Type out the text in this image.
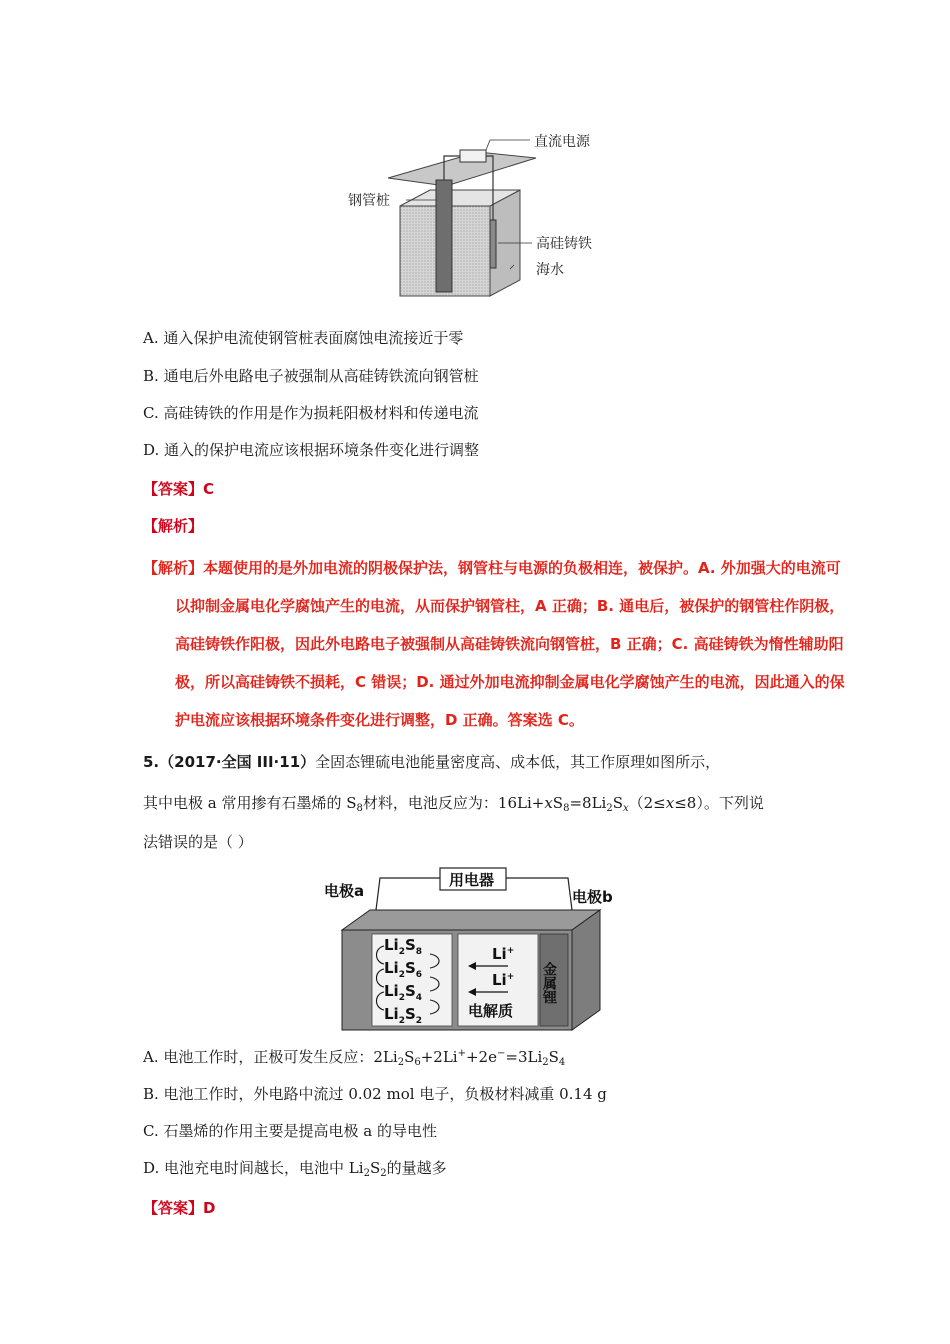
直流电源
钢管桩
高硅铸铁
海水
A. 通入保护电流使钢管桩表面腐蚀电流接近于零
B. 通电后外电路电子被强制从高硅铸铁流向钢管桩
C. 高硅铸铁的作用是作为损耗阳极材料和传递电流
D. 通入的保护电流应该根据环境条件变化进行调整
【答案】C
【解析】
【解析】本题使用的是外加电流的阴极保护法，钢管柱与电源的负极相连，被保护。A. 外加强大的电流可
以抑制金属电化学腐蚀产生的电流，从而保护钢管柱，A 正确；B. 通电后，被保护的钢管柱作阴极，
高硅铸铁作阳极，因此外电路电子被强制从高硅铸铁流向钢管桩，B 正确；C. 高硅铸铁为惰性辅助阳
极，所以高硅铸铁不损耗，C 错误；D. 通过外加电流抑制金属电化学腐蚀产生的电流，因此通入的保
护电流应该根据环境条件变化进行调整，D 正确。答案选 C。
5.（2017·全国 III·11）全固态锂硫电池能量密度高、成本低，其工作原理如图所示，
其中电极 a 常用掺有石墨烯的 $S_8$材料，电池反应为：$16Li+xS_8=8Li_2S_x(2\le x\le 8)$。下列说
法错误的是（ ）
用电器
电极a	电极b
金属锂
电解质
Li+
Li+
$Li_2S_8$
$Li_2S_6$
$Li_2S_4$
$Li_2S_2$
A. 电池工作时，正极可发生反应：$2Li_2S_6+2Li^++2e^-=3Li_2S_4$
B. 电池工作时，外电路中流过 0.02 mol 电子，负极材料减重 0.14 g
C. 石墨烯的作用主要是提高电极 a 的导电性
D. 电池充电时间越长，电池中 $Li_2S_2$的量越多
【答案】D
